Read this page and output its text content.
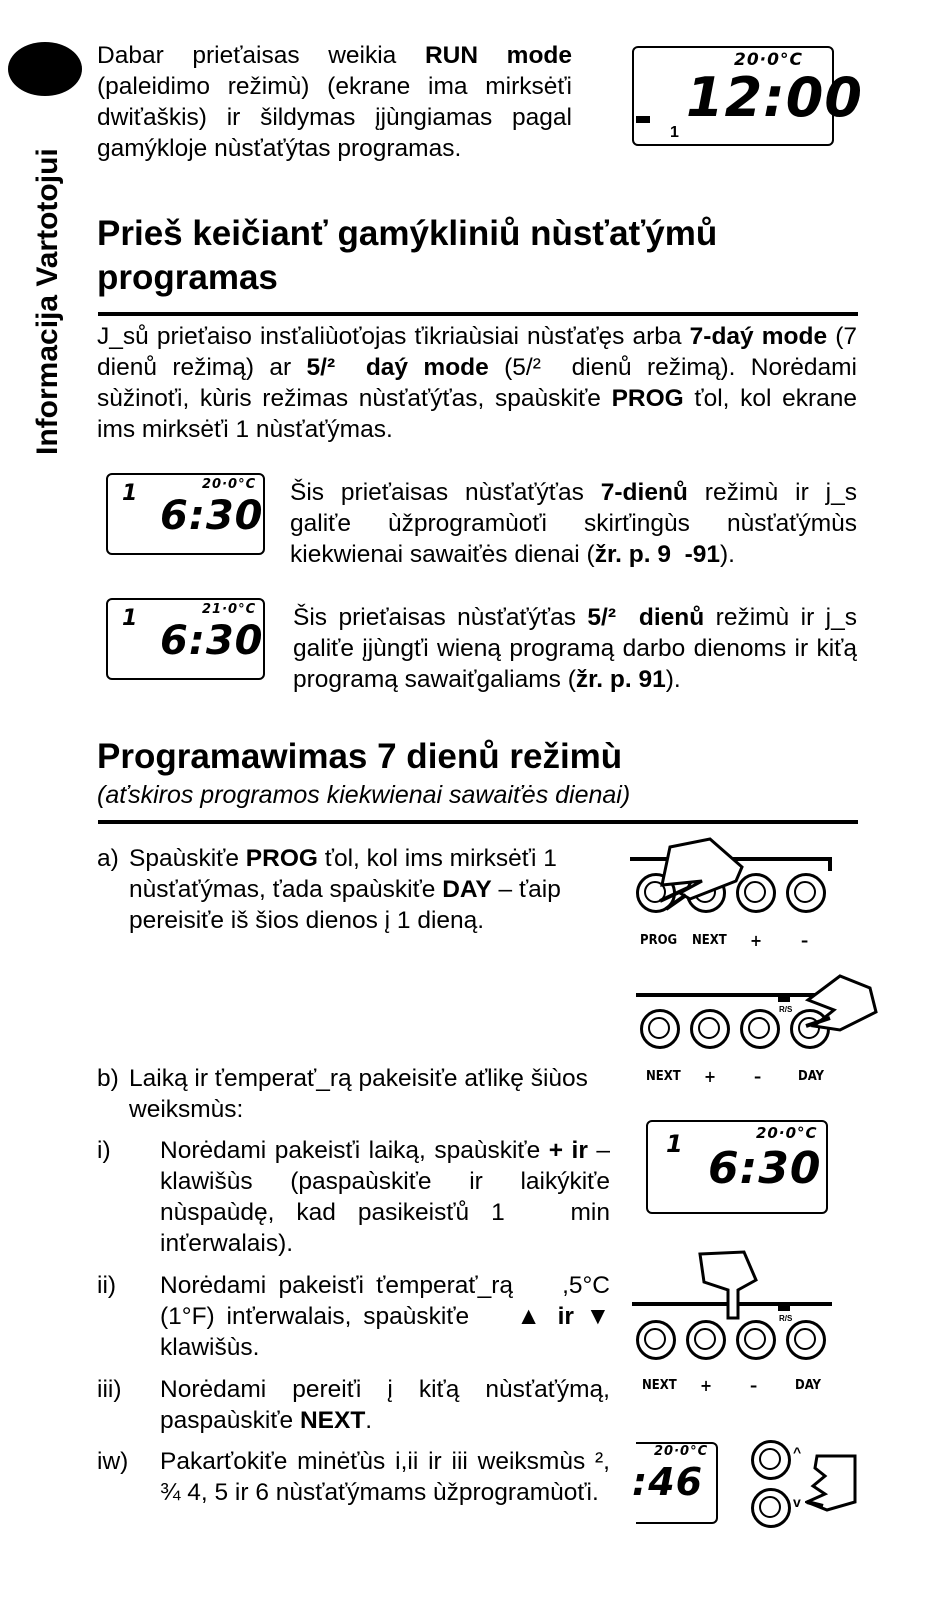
Informacija Vartotojui
Dabar prieťaisas weikia RUN mode (paleidimo režimù) (ekrane ima mirksėťi dwiťaškis) ir šildymas įjùngiamas pagal gamýkloje nùsťaťýtas programas.
20·0°C
12:00
1
Prieš keičianť gamýkliniů nùsťaťýmů programas
J_sů prieťaiso insťaliùoťojas ťikriaùsiai nùsťaťęs arba 7-daý mode (7 dienů režimą) ar 5/²  daý mode (5/²  dienů režimą). Norėdami sùžinoťi, kùris režimas nùsťaťýťas, spaùskiťe PROG ťol, kol ekrane ims mirksėťi 1 nùsťaťýmas.
20·0°C
1 6:30
Šis prieťaisas nùsťaťýťas 7-dienů režimù ir j_s galiťe ùžprogramùoťi skirťingùs nùsťaťýmùs kiekwienai sawaiťės dienai (žr. p. 9  -91).
21·0°C
1 6:30
Šis prieťaisas nùsťaťýťas 5/²  dienů režimù ir j_s galiťe įjùngťi wieną programą darbo dienoms ir kiťą programą sawaiťgaliams (žr. p. 91).
Programawimas 7 dienů režimù
(aťskiros programos kiekwienai sawaiťės dienai)
a) Spaùskiťe PROG ťol, kol ims mirksėťi 1 nùsťaťýmas, ťada spaùskiťe DAY – ťaip pereisiťe iš šios dienos į 1 dieną.
PROG NEXT + –
R/S
NEXT + –	DAY
b) Laiką ir ťemperať_rą pakeisiťe aťlikę šiùos weiksmùs:
i) Norėdami pakeisťi laiką, spaùskiťe + ir – klawišùs (paspaùskiťe ir laikýkiťe nùspaùdę, kad pasikeisťů 1   min inťerwalais).
ii) Norėdami pakeisťi ťemperať_rą    ,5°C (1°F) inťerwalais, spaùskiťe    ▲ ir ▼ klawišùs.
iii) Norėdami pereiťi į kiťą nùsťaťýmą, paspaùskiťe NEXT.
iw) Pakarťokiťe minėťùs i,ii ir iii weiksmùs ², ¾ 4, 5 ir 6 nùsťaťýmams ùžprogramùoťi.
20·0°C
1 6:30
R/S
NEXT + –	DAY
20·0°C
:46
^
v
